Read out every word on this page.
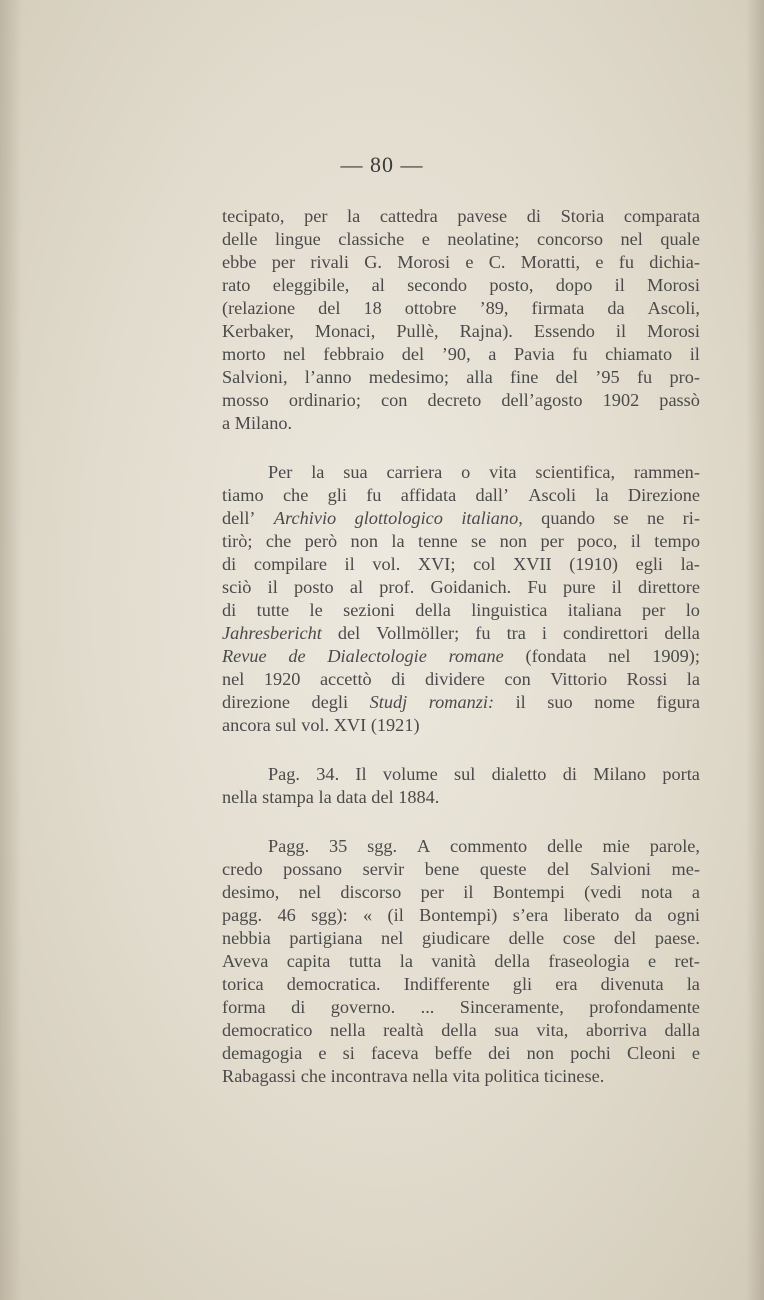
— 80 —
tecipato, per la cattedra pavese di Storia comparata
delle lingue classiche e neolatine; concorso nel quale
ebbe per rivali G. Morosi e C. Moratti, e fu dichia-
rato eleggibile, al secondo posto, dopo il Morosi
(relazione del 18 ottobre ’89, firmata da Ascoli,
Kerbaker, Monaci, Pullè, Rajna). Essendo il Morosi
morto nel febbraio del ’90, a Pavia fu chiamato il
Salvioni, l’anno medesimo; alla fine del ’95 fu pro-
mosso ordinario; con decreto dell’agosto 1902 passò
a Milano.
Per la sua carriera o vita scientifica, rammen-
tiamo che gli fu affidata dall’ Ascoli la Direzione
dell’ Archivio glottologico italiano, quando se ne ri-
tirò; che però non la tenne se non per poco, il tempo
di compilare il vol. XVI; col XVII (1910) egli la-
sciò il posto al prof. Goidanich. Fu pure il direttore
di tutte le sezioni della linguistica italiana per lo
Jahresbericht del Vollmöller; fu tra i condirettori della
Revue de Dialectologie romane (fondata nel 1909);
nel 1920 accettò di dividere con Vittorio Rossi la
direzione degli Studj romanzi: il suo nome figura
ancora sul vol. XVI (1921)
Pag. 34. Il volume sul dialetto di Milano porta
nella stampa la data del 1884.
Pagg. 35 sgg. A commento delle mie parole,
credo possano servir bene queste del Salvioni me-
desimo, nel discorso per il Bontempi (vedi nota a
pagg. 46 sgg): « (il Bontempi) s’era liberato da ogni
nebbia partigiana nel giudicare delle cose del paese.
Aveva capita tutta la vanità della fraseologia e ret-
torica democratica. Indifferente gli era divenuta la
forma di governo. ... Sinceramente, profondamente
democratico nella realtà della sua vita, aborriva dalla
demagogia e si faceva beffe dei non pochi Cleoni e
Rabagassi che incontrava nella vita politica ticinese.
